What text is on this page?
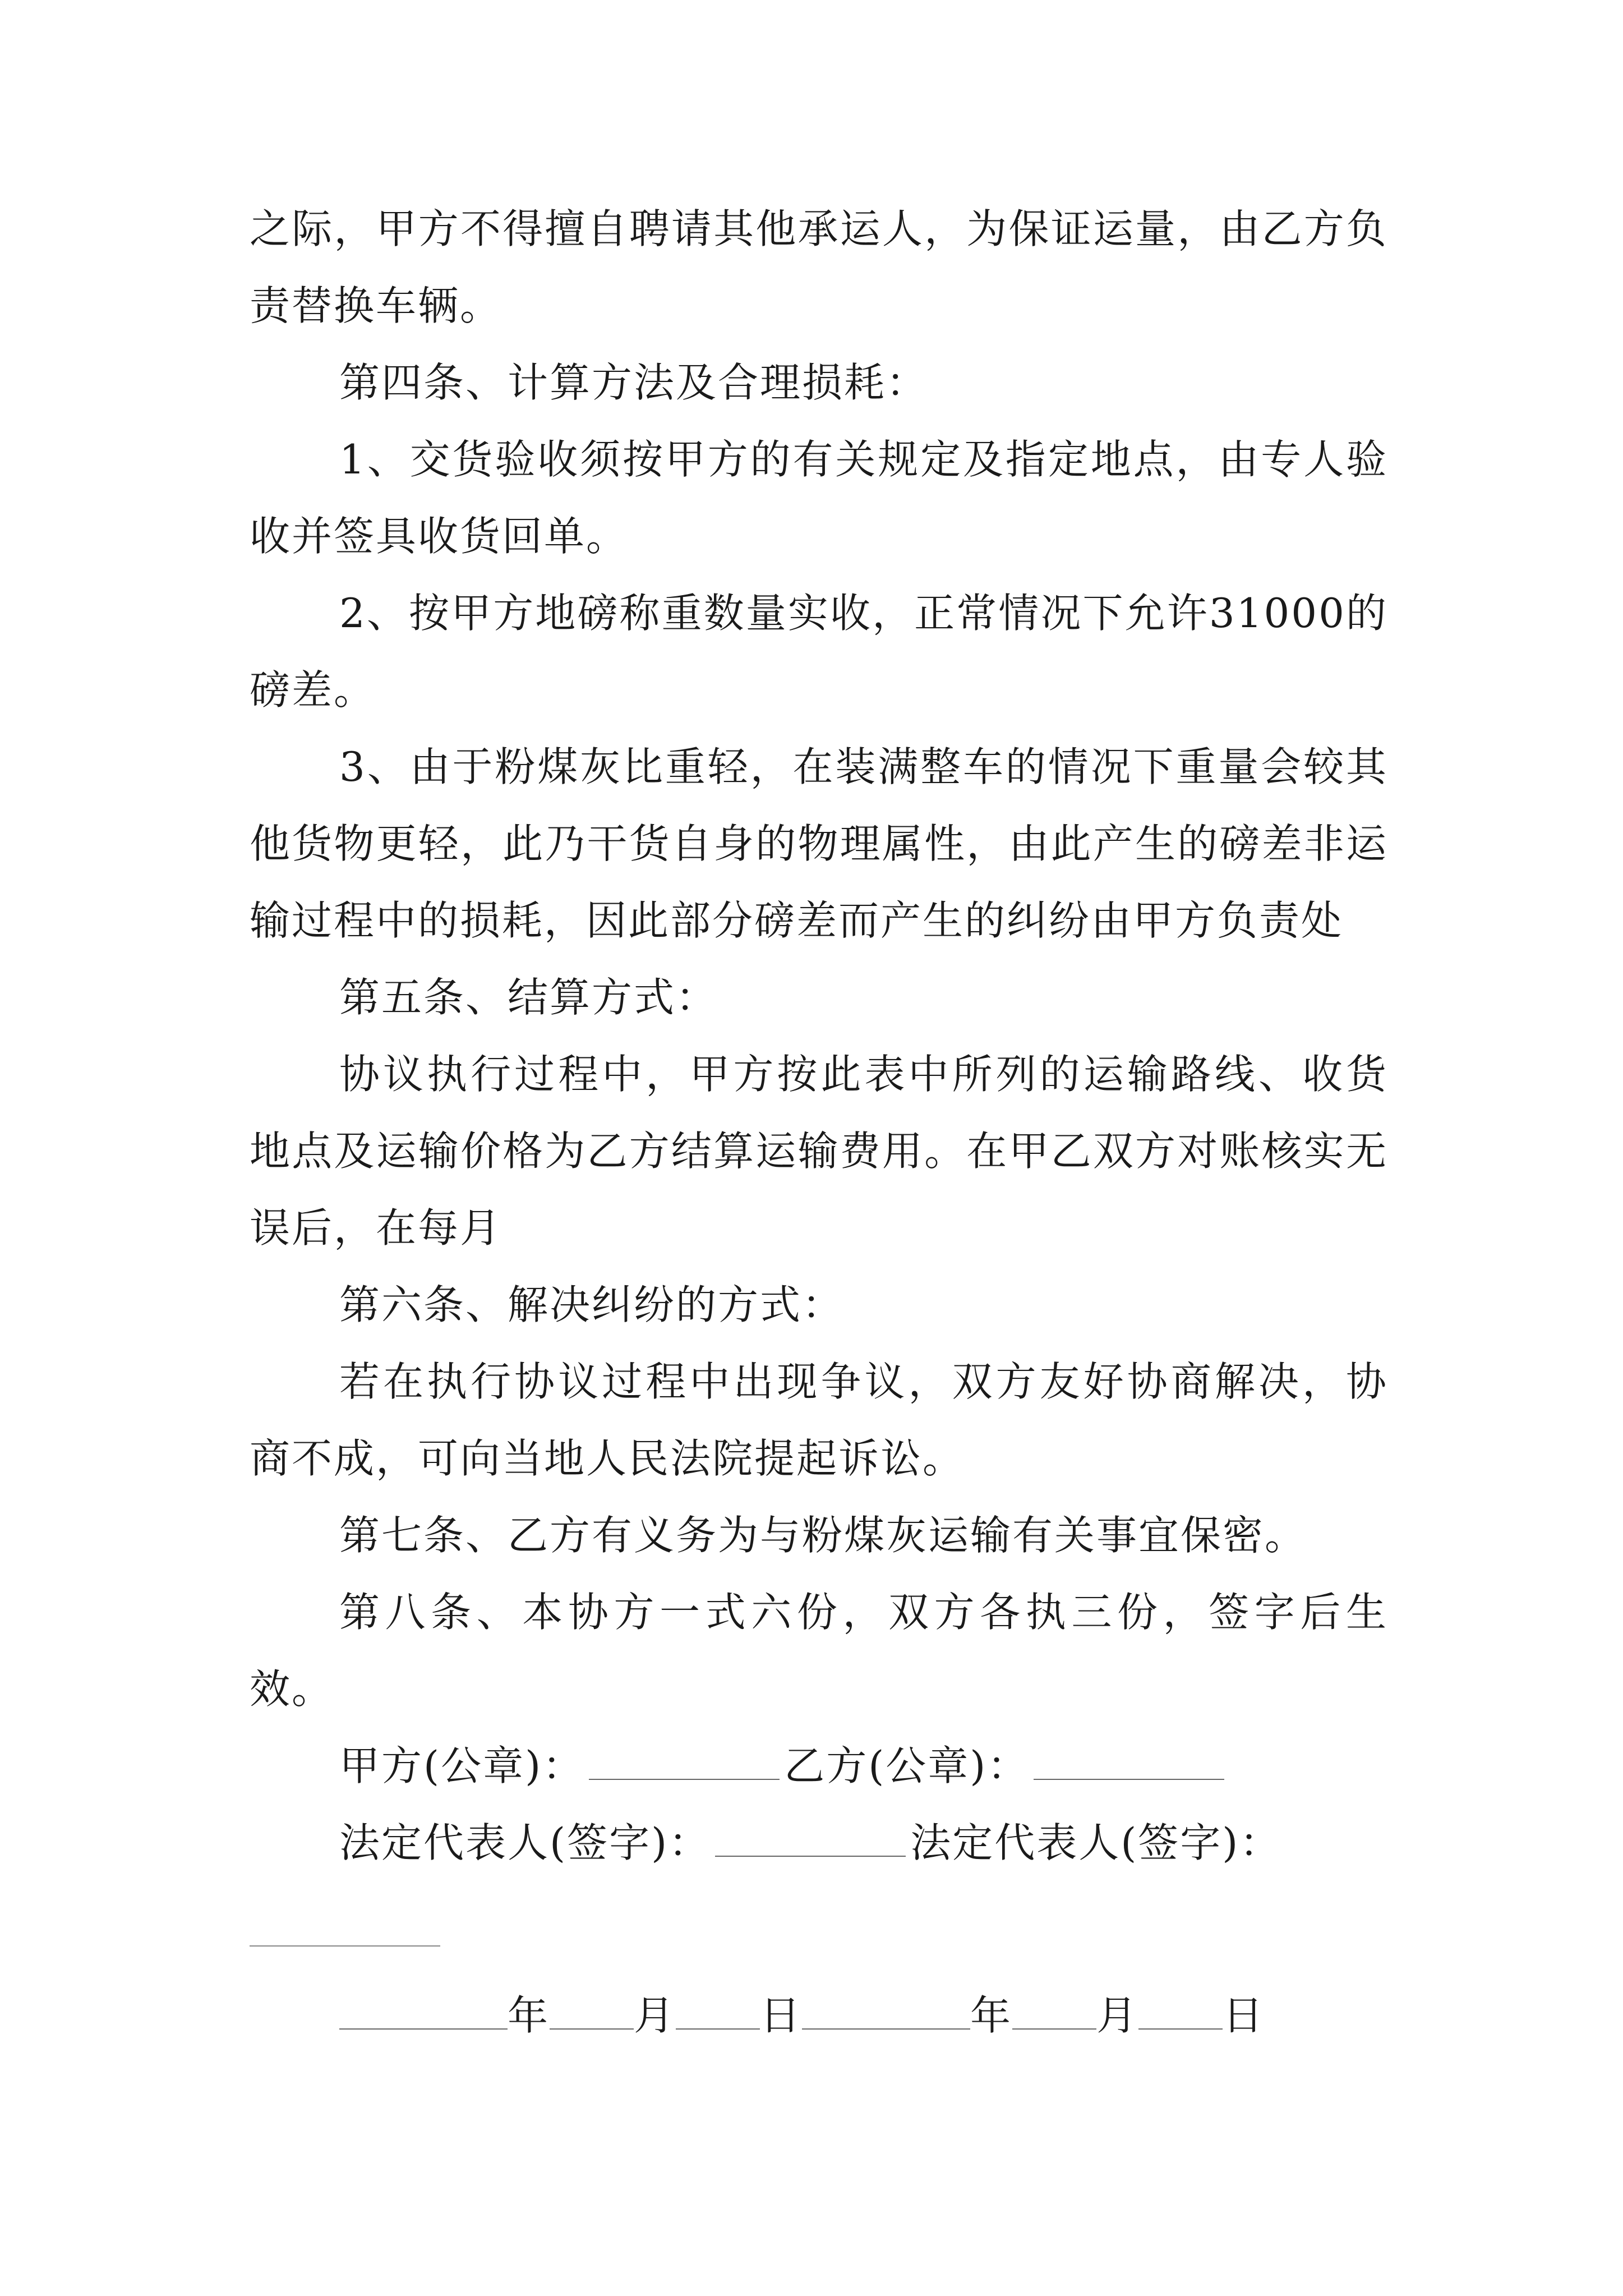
之际，甲方不得擅自聘请其他承运人，为保证运量，由乙方负责替换车辆。

第四条、计算方法及合理损耗：

1、交货验收须按甲方的有关规定及指定地点，由专人验收并签具收货回单。

2、按甲方地磅称重数量实收，正常情况下允许31000的磅差。

3、由于粉煤灰比重轻，在装满整车的情况下重量会较其他货物更轻，此乃干货自身的物理属性，由此产生的磅差非运输过程中的损耗，因此部分磅差而产生的纠纷由甲方负责处

第五条、结算方式：

协议执行过程中，甲方按此表中所列的运输路线、收货地点及运输价格为乙方结算运输费用。在甲乙双方对账核实无误后，在每月

第六条、解决纠纷的方式：

若在执行协议过程中出现争议，双方友好协商解决，协商不成，可向当地人民法院提起诉讼。

第七条、乙方有义务为与粉煤灰运输有关事宜保密。

第八条、本协方一式六份，双方各执三份，签字后生效。

甲方(公章)：	乙方(公章)：

法定代表人(签字)：	法定代表人(签字)：

年 月 日	年 月 日
